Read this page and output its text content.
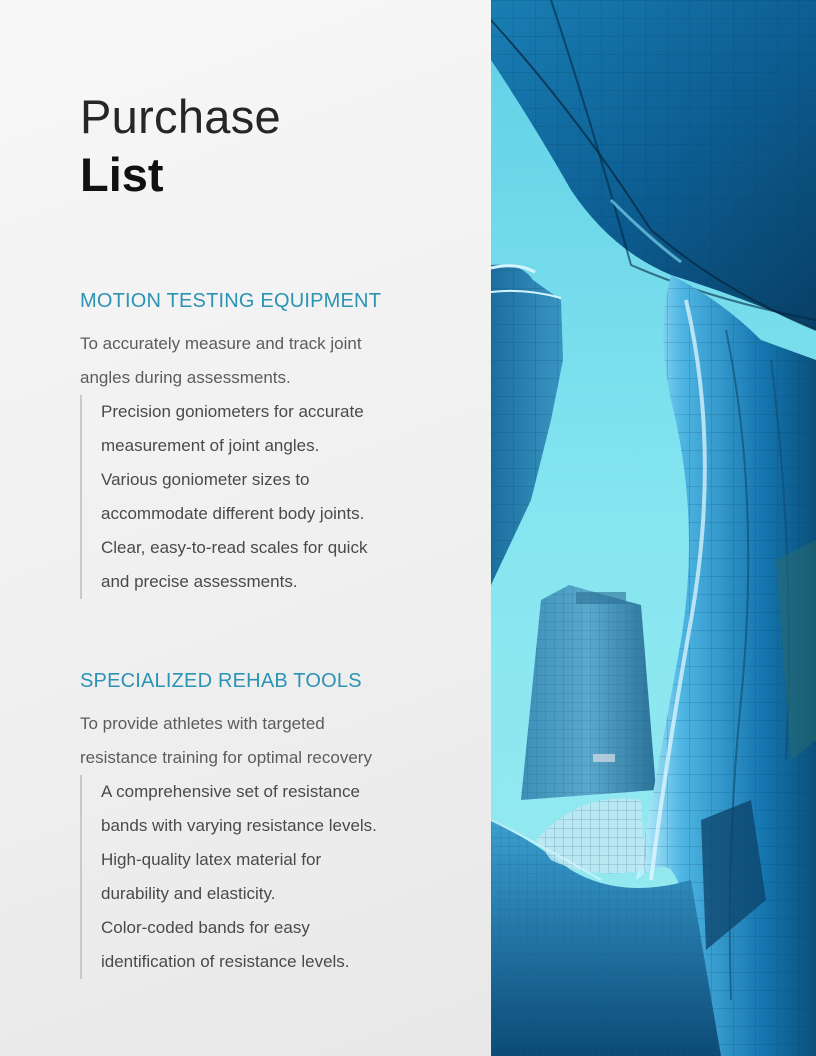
Purchase
List
MOTION TESTING EQUIPMENT

To accurately measure and track joint
angles during assessments.

Precision goniometers for accurate
measurement of joint angles.
Various goniometer sizes to
accommodate different body joints.
Clear, easy-to-read scales for quick
and precise assessments.
SPECIALIZED REHAB TOOLS

To provide athletes with targeted
resistance training for optimal recovery

A comprehensive set of resistance
bands with varying resistance levels.
High-quality latex material for
durability and elasticity.
Color-coded bands for easy
identification of resistance levels.
